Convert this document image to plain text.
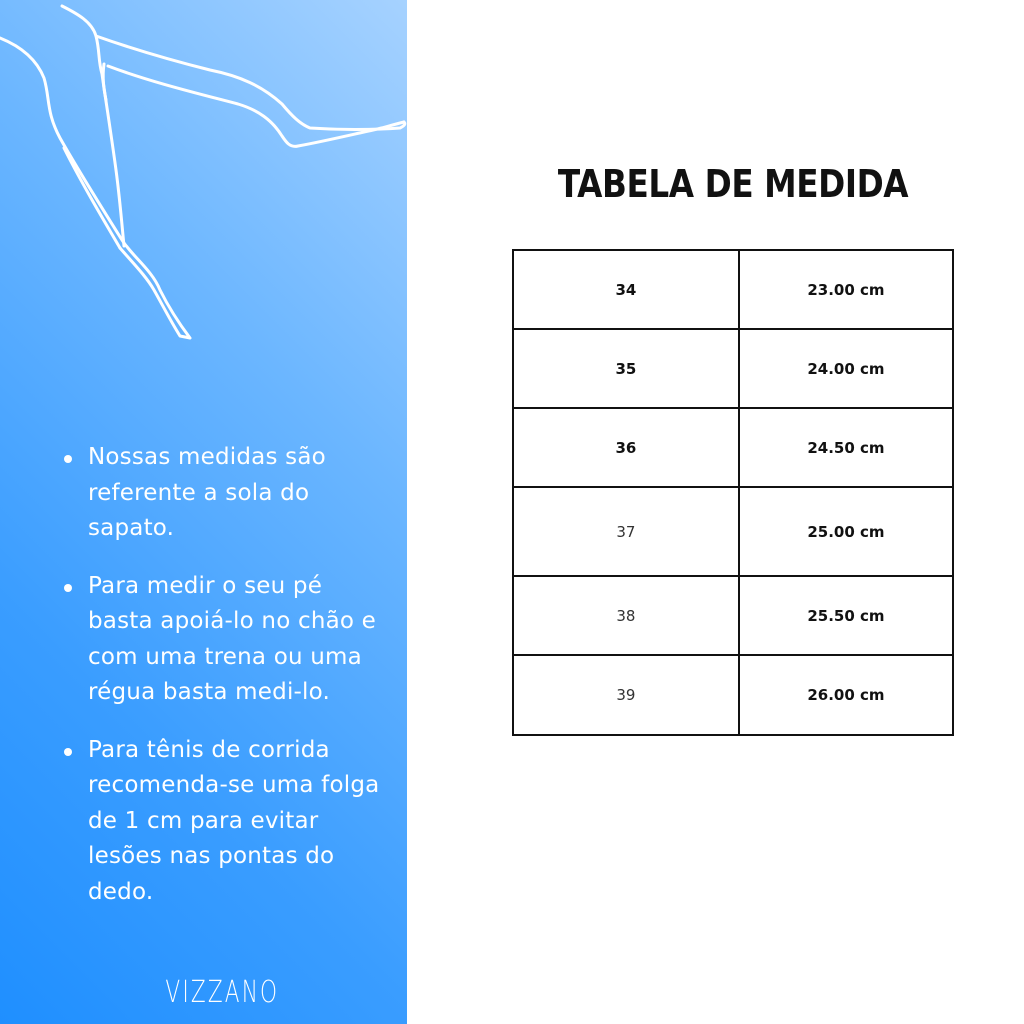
Nossas medidas são referente a sola do sapato.
Para medir o seu pé basta apoiá-lo no chão e com uma trena ou uma régua basta medi-lo.
Para tênis de corrida recomenda-se uma folga de 1 cm para evitar lesões nas pontas do dedo.
VIZZANO
TABELA DE MEDIDA
34	23.00 cm
35	24.00 cm
36	24.50 cm
37	25.00 cm
38	25.50 cm
39	26.00 cm
